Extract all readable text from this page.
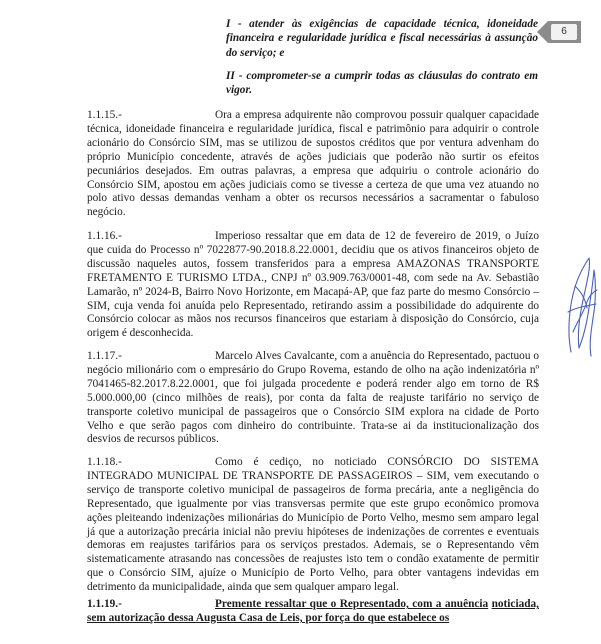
I - atender às exigências de capacidade técnica, idoneidade financeira e regularidade jurídica e fiscal necessárias à assunção do serviço; e
II - comprometer-se a cumprir todas as cláusulas do contrato em vigor.
6
1.1.15.-	Ora a empresa adquirente não comprovou possuir qualquer capacidade técnica, idoneidade financeira e regularidade jurídica, fiscal e patrimônio para adquirir o controle acionário do Consórcio SIM, mas se utilizou de supostos créditos que por ventura advenham do próprio Município concedente, através de ações judiciais que poderão não surtir os efeitos pecuniários desejados. Em outras palavras, a empresa que adquiriu o controle acionário do Consórcio SIM, apostou em ações judiciais como se tivesse a certeza de que uma vez atuando no polo ativo dessas demandas venham a obter os recursos necessários a sacramentar o fabuloso negócio.
1.1.16.-	Imperioso ressaltar que em data de 12 de fevereiro de 2019, o Juízo que cuida do Processo nº 7022877-90.2018.8.22.0001, decidiu que os ativos financeiros objeto de discussão naqueles autos, fossem transferidos para a empresa AMAZONAS TRANSPORTE FRETAMENTO E TURISMO LTDA., CNPJ nº 03.909.763/0001-48, com sede na Av. Sebastião Lamarão, nº 2024-B, Bairro Novo Horizonte, em Macapá-AP, que faz parte do mesmo Consórcio – SIM, cuja venda foi anuída pelo Representado, retirando assim a possibilidade do adquirente do Consórcio colocar as mãos nos recursos financeiros que estariam à disposição do Consórcio, cuja origem é desconhecida.
1.1.17.-	Marcelo Alves Cavalcante, com a anuência do Representado, pactuou o negócio milionário com o empresário do Grupo Rovema, estando de olho na ação indenizatória nº 7041465-82.2017.8.22.0001, que foi julgada procedente e poderá render algo em torno de R$ 5.000.000,00 (cinco milhões de reais), por conta da falta de reajuste tarifário no serviço de transporte coletivo municipal de passageiros que o Consórcio SIM explora na cidade de Porto Velho e que serão pagos com dinheiro do contribuinte. Trata-se ai da institucionalização dos desvios de recursos públicos.
1.1.18.-	Como é cediço, no noticiado CONSÓRCIO DO SISTEMA INTEGRADO MUNICIPAL DE TRANSPORTE DE PASSAGEIROS – SIM, vem executando o serviço de transporte coletivo municipal de passageiros de forma precária, ante a negligência do Representado, que igualmente por vias transversas permite que este grupo econômico promova ações pleiteando indenizações milionárias do Município de Porto Velho, mesmo sem amparo legal já que a autorização precária inicial não previu hipóteses de indenizações de correntes e eventuais demoras em reajustes tarifários para os serviços prestados. Ademais, se o Representando vêm sistematicamente atrasando nas concessões de reajustes isto tem o condão exatamente de permitir que o Consórcio SIM, ajuíze o Município de Porto Velho, para obter vantagens indevidas em detrimento da municipalidade, ainda que sem qualquer amparo legal.
1.1.19.-	Premente ressaltar que o Representado, com a anuência noticiada, sem autorização dessa Augusta Casa de Leis, por força do que estabelece os
